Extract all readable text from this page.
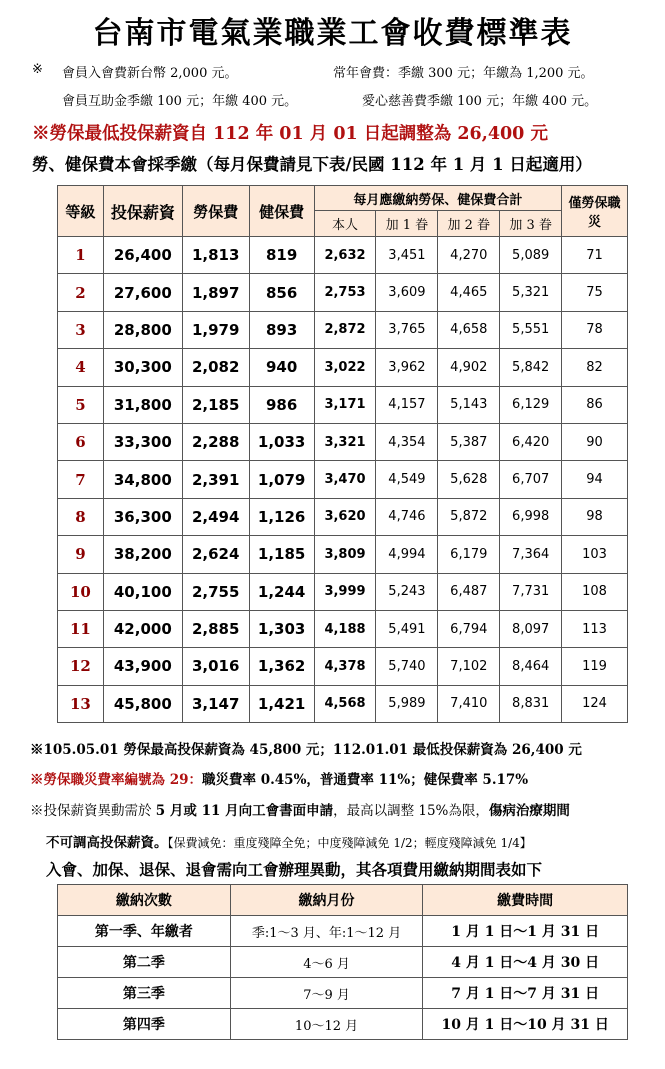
台南市電氣業職業工會收費標準表
※ 會員入會費新台幣 2,000 元。	常年會費：季繳 300 元；年繳為 1,200 元。
會員互助金季繳 100 元；年繳 400 元。	愛心慈善費季繳 100 元；年繳 400 元。
※勞保最低投保薪資自 112 年 01 月 01 日起調整為 26,400 元
勞、健保費本會採季繳（每月保費請見下表/民國 112 年 1 月 1 日起適用）
等級	投保薪資	勞保費	健保費	每月應繳納勞保、健保費合計				僅勞保職災
				本人	加 1 眷	加 2 眷	加 3 眷	
1	26,400	1,813	819	2,632	3,451	4,270	5,089	71
2	27,600	1,897	856	2,753	3,609	4,465	5,321	75
3	28,800	1,979	893	2,872	3,765	4,658	5,551	78
4	30,300	2,082	940	3,022	3,962	4,902	5,842	82
5	31,800	2,185	986	3,171	4,157	5,143	6,129	86
6	33,300	2,288	1,033	3,321	4,354	5,387	6,420	90
7	34,800	2,391	1,079	3,470	4,549	5,628	6,707	94
8	36,300	2,494	1,126	3,620	4,746	5,872	6,998	98
9	38,200	2,624	1,185	3,809	4,994	6,179	7,364	103
10	40,100	2,755	1,244	3,999	5,243	6,487	7,731	108
11	42,000	2,885	1,303	4,188	5,491	6,794	8,097	113
12	43,900	3,016	1,362	4,378	5,740	7,102	8,464	119
13	45,800	3,147	1,421	4,568	5,989	7,410	8,831	124
※105.05.01 勞保最高投保薪資為 45,800 元；112.01.01 最低投保薪資為 26,400 元
※勞保職災費率編號為 29：職災費率 0.45%，普通費率 11%；健保費率 5.17%
※投保薪資異動需於 5 月或 11 月向工會書面申請，最高以調整 15%為限，傷病治療期間
不可調高投保薪資。【保費減免：重度殘障全免；中度殘障減免 1/2；輕度殘障減免 1/4】
入會、加保、退保、退會需向工會辦理異動，其各項費用繳納期間表如下
繳納次數	繳納月份	繳費時間
第一季、年繳者	季:1～3 月、年:1～12 月	1 月 1 日～1 月 31 日
第二季	4～6 月	4 月 1 日～4 月 30 日
第三季	7～9 月	7 月 1 日～7 月 31 日
第四季	10～12 月	10 月 1 日～10 月 31 日
